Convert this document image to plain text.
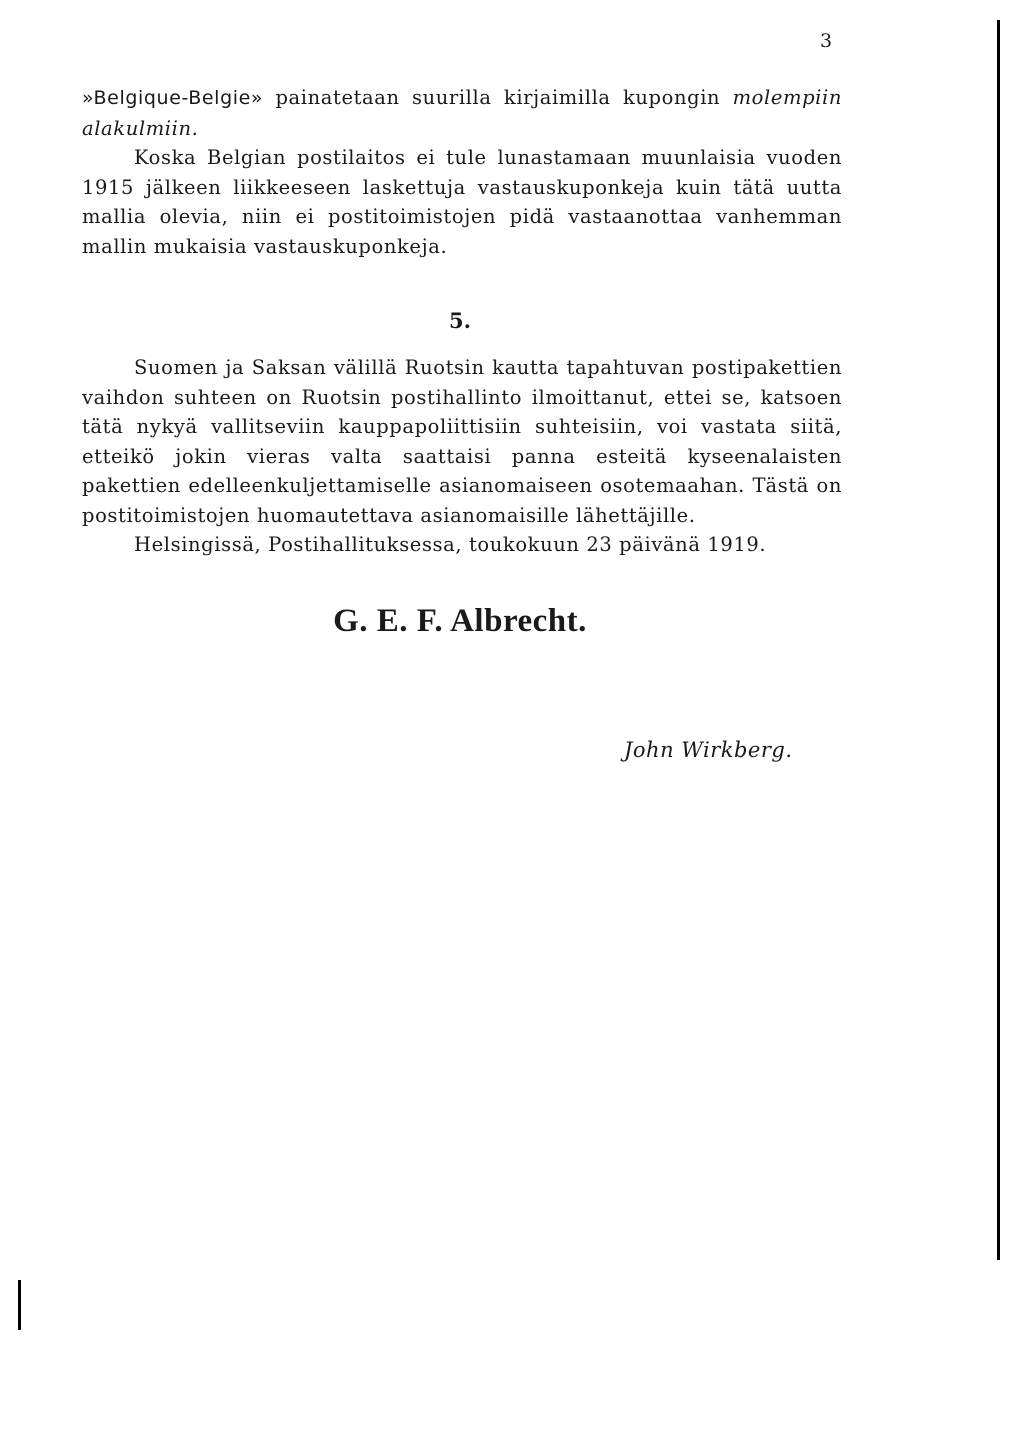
3

»Belgique-Belgie» painatetaan suurilla kirjaimilla kupongin molempiin alakulmiin.

Koska Belgian postilaitos ei tule lunastamaan muunlaisia vuoden 1915 jälkeen liikkeeseen laskettuja vastauskuponkeja kuin tätä uutta mallia olevia, niin ei postitoimistojen pidä vastaanottaa vanhemman mallin mukaisia vastauskuponkeja.

5.

Suomen ja Saksan välillä Ruotsin kautta tapahtuvan postipakettien vaihdon suhteen on Ruotsin postihallinto ilmoittanut, ettei se, katsoen tätä nykyä vallitseviin kauppapoliittisiin suhteisiin, voi vastata siitä, etteikö jokin vieras valta saattaisi panna esteitä kyseenalaisten pakettien edelleenkuljettamiselle asianomaiseen osotemaahan. Tästä on postitoimistojen huomautettava asianomaisille lähettäjille.

Helsingissä, Postihallituksessa, toukokuun 23 päivänä 1919.

G. E. F. Albrecht.
John Wirkberg.
